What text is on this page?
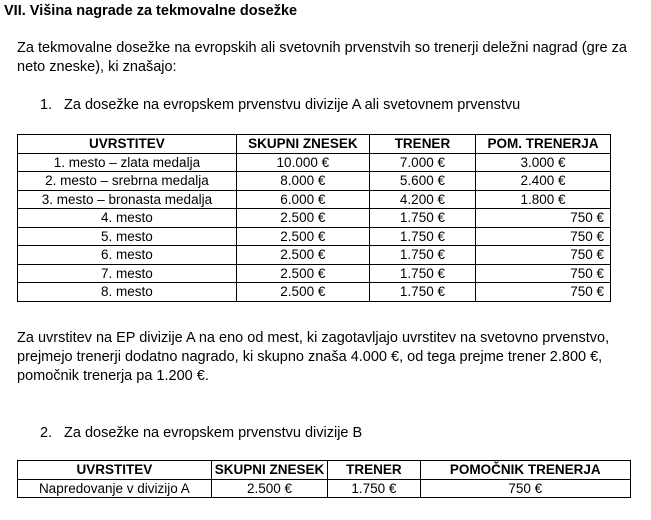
VII. Višina nagrade za tekmovalne dosežke

Za tekmovalne dosežke na evropskih ali svetovnih prvenstvih so trenerji deležni nagrad (gre za neto zneske), ki znašajo:

1. Za dosežke na evropskem prvenstvu divizije A ali svetovnem prvenstvu
UVRSTITEV	SKUPNI ZNESEK	TRENER	POM. TRENERJA
1. mesto – zlata medalja	10.000 €	7.000 €	3.000 €
2. mesto – srebrna medalja	8.000 €	5.600 €	2.400 €
3. mesto – bronasta medalja	6.000 €	4.200 €	1.800 €
4. mesto	2.500 €	1.750 €	750 €
5. mesto	2.500 €	1.750 €	750 €
6. mesto	2.500 €	1.750 €	750 €
7. mesto	2.500 €	1.750 €	750 €
8. mesto	2.500 €	1.750 €	750 €

Za uvrstitev na EP divizije A na eno od mest, ki zagotavljajo uvrstitev na svetovno prvenstvo, prejmejo trenerji dodatno nagrado, ki skupno znaša 4.000 €, od tega prejme trener 2.800 €, pomočnik trenerja pa 1.200 €.

2. Za dosežke na evropskem prvenstvu divizije B
UVRSTITEV	SKUPNI ZNESEK	TRENER	POMOČNIK TRENERJA
Napredovanje v divizijo A	2.500 €	1.750 €	750 €
